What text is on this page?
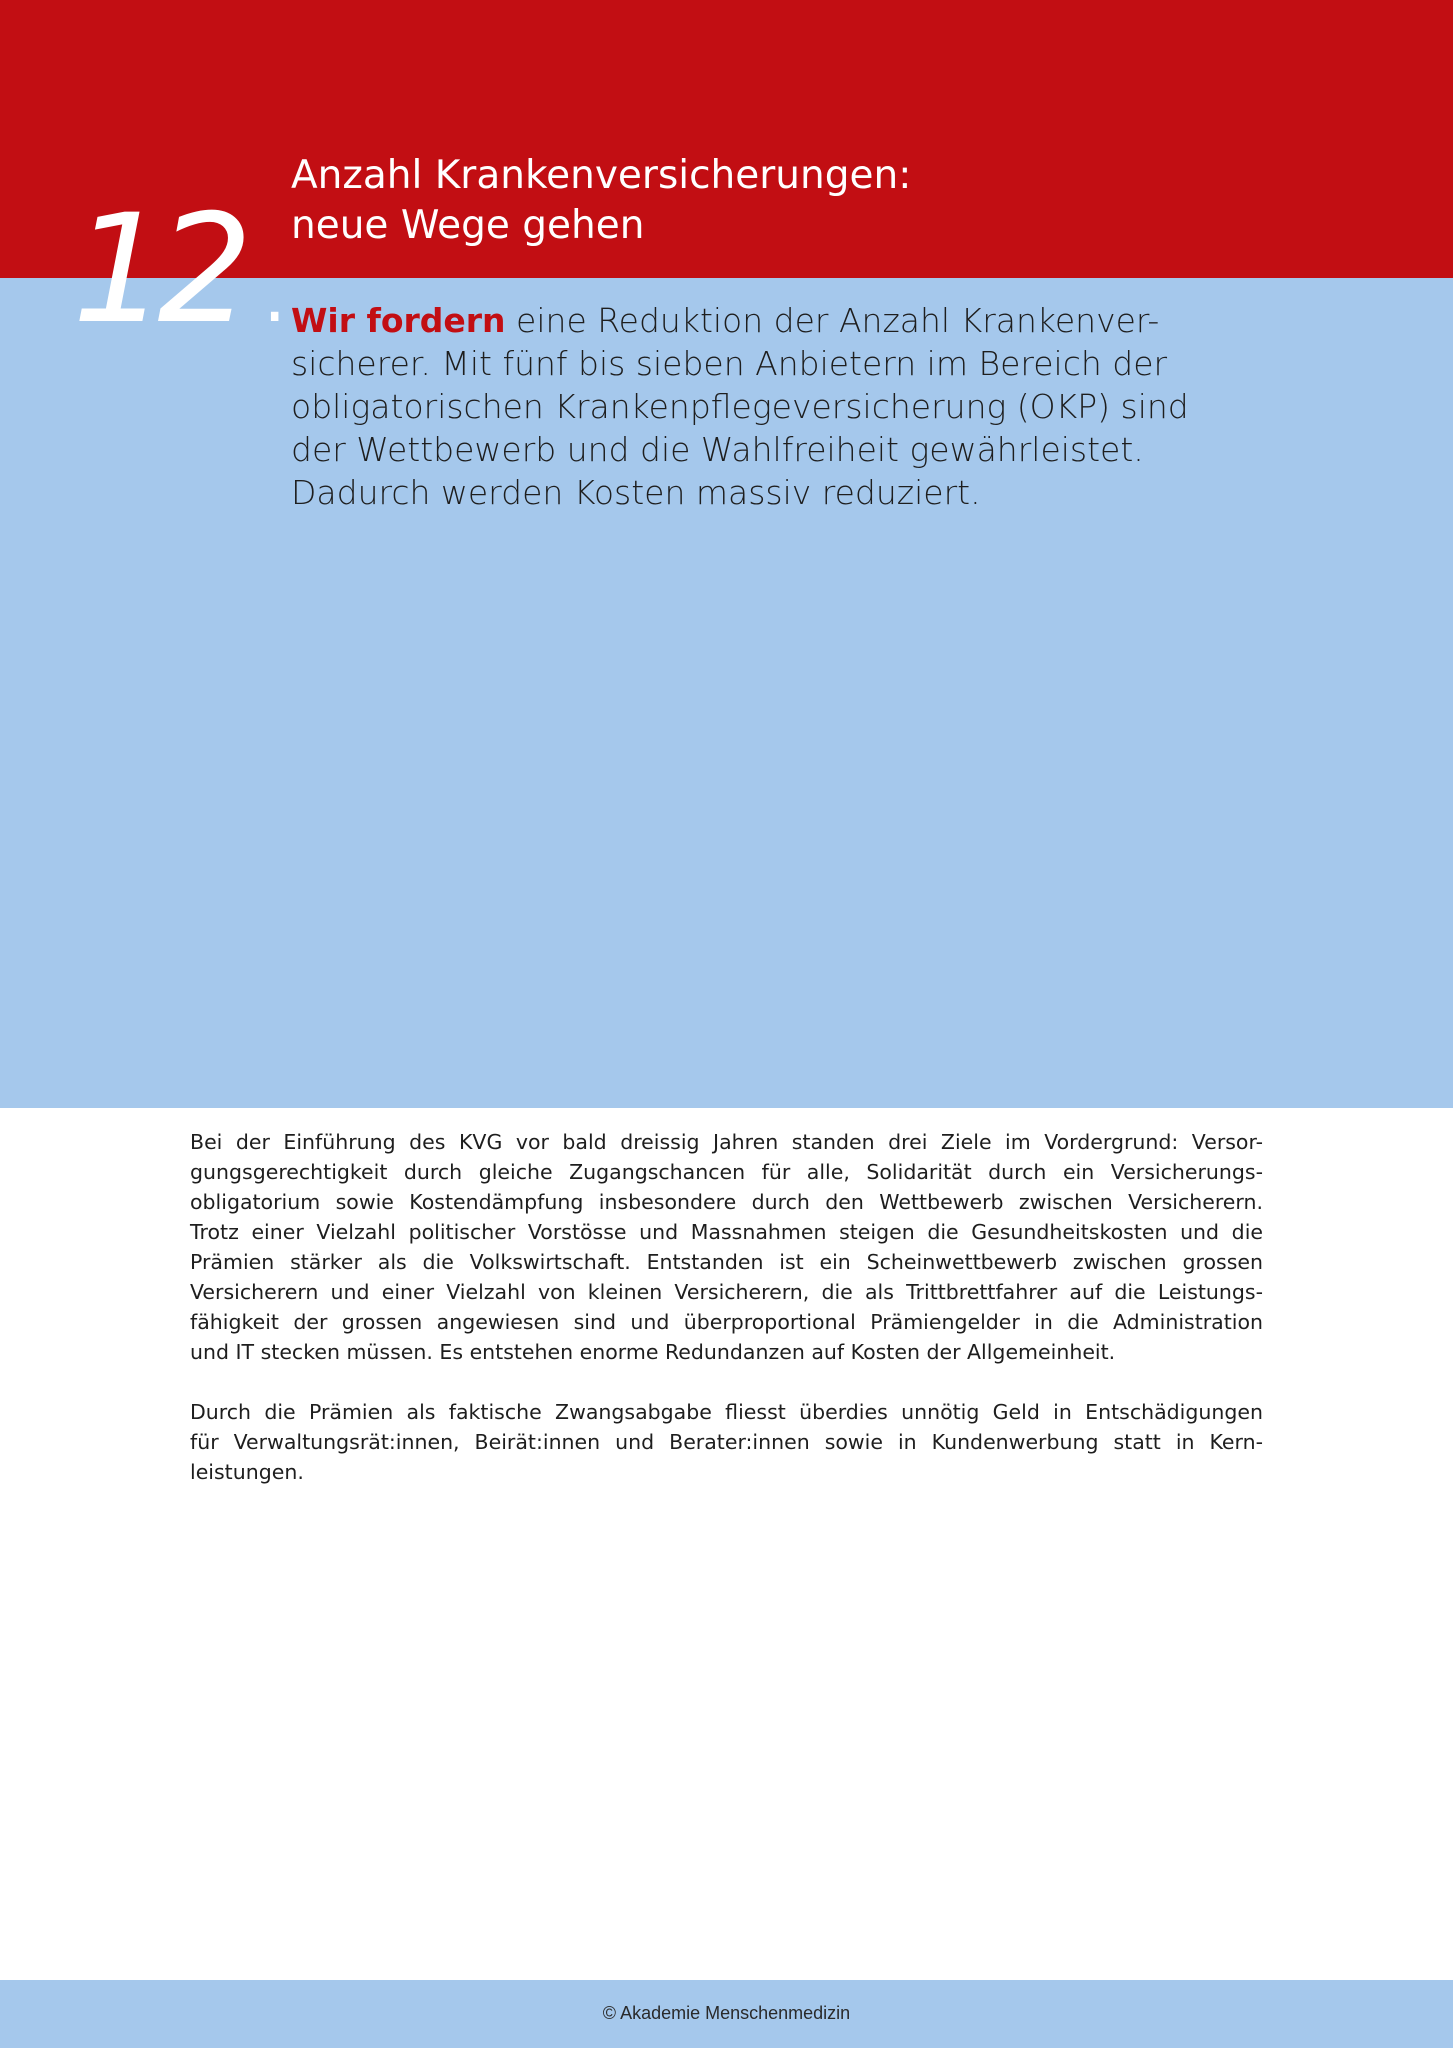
12.
Anzahl Krankenversicherungen:
neue Wege gehen
Wir fordern eine Reduktion der Anzahl Krankenver-
sicherer. Mit fünf bis sieben Anbietern im Bereich der
obligatorischen Krankenpflegeversicherung (OKP) sind
der Wettbewerb und die Wahlfreiheit gewährleistet.
Dadurch werden Kosten massiv reduziert.

Bei der Einführung des KVG vor bald dreissig Jahren standen drei Ziele im Vordergrund: Versor-
gungsgerechtigkeit durch gleiche Zugangschancen für alle, Solidarität durch ein Versicherungs-
obligatorium sowie Kostendämpfung insbesondere durch den Wettbewerb zwischen Versicherern.
Trotz einer Vielzahl politischer Vorstösse und Massnahmen steigen die Gesundheitskosten und die
Prämien stärker als die Volkswirtschaft. Entstanden ist ein Scheinwettbewerb zwischen grossen
Versicherern und einer Vielzahl von kleinen Versicherern, die als Trittbrettfahrer auf die Leistungs-
fähigkeit der grossen angewiesen sind und überproportional Prämiengelder in die Administration
und IT stecken müssen. Es entstehen enorme Redundanzen auf Kosten der Allgemeinheit.

Durch die Prämien als faktische Zwangsabgabe fliesst überdies unnötig Geld in Entschädigungen
für Verwaltungsrät:innen, Beirät:innen und Berater:innen sowie in Kundenwerbung statt in Kern-
leistungen.

© Akademie Menschenmedizin
